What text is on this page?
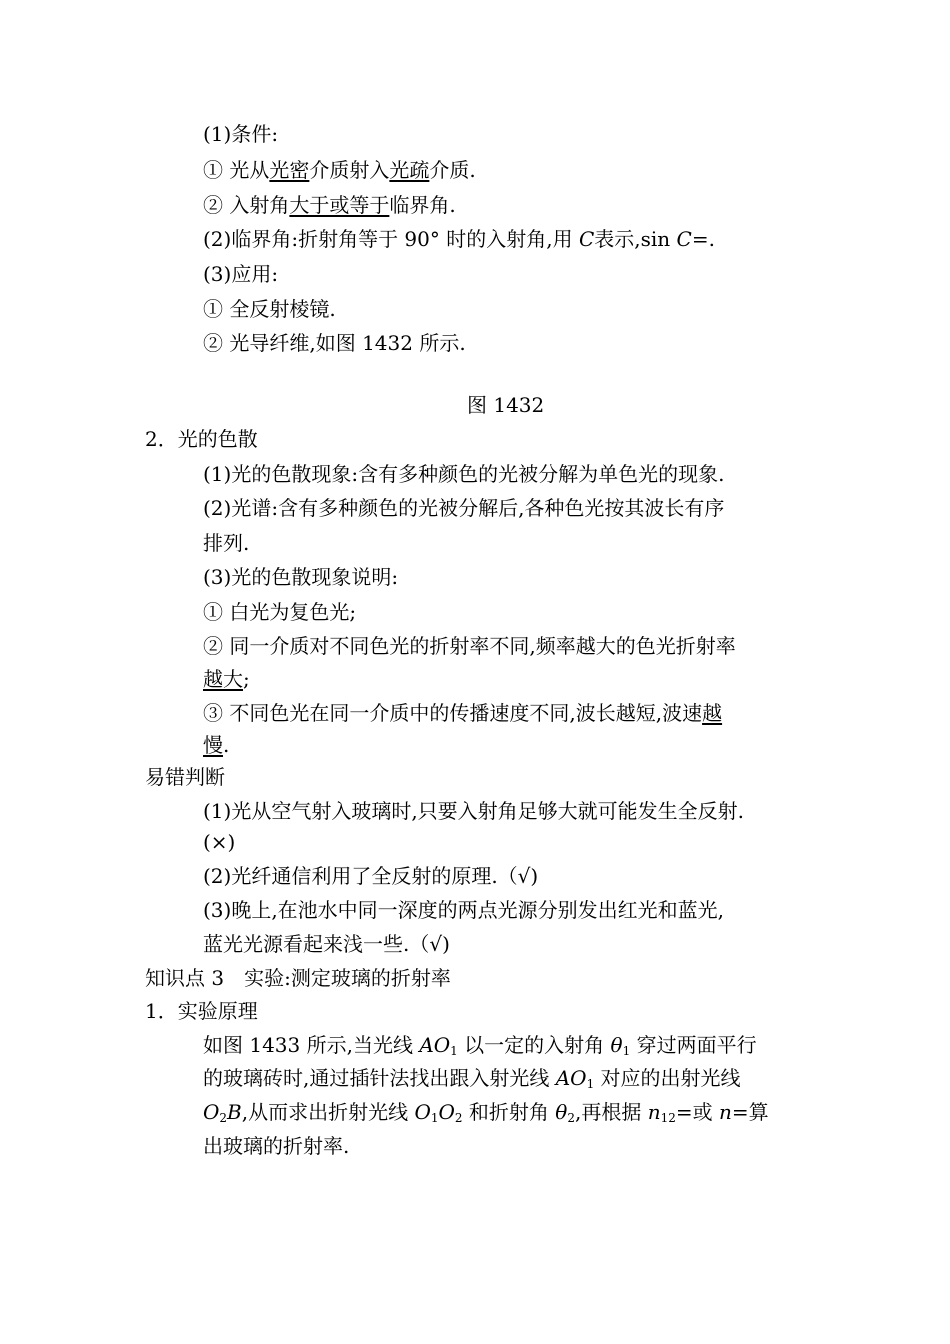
(1)条件:
① 光从光密介质射入光疏介质.
② 入射角大于或等于临界角.
(2)临界角:折射角等于 90° 时的入射角,用 C表示,sin C=.
(3)应用:
① 全反射棱镜.
② 光导纤维,如图 1432 所示.
图 1432
2．光的色散
(1)光的色散现象:含有多种颜色的光被分解为单色光的现象.
(2)光谱:含有多种颜色的光被分解后,各种色光按其波长有序
排列.
(3)光的色散现象说明:
① 白光为复色光;
② 同一介质对不同色光的折射率不同,频率越大的色光折射率
越大;
③ 不同色光在同一介质中的传播速度不同,波长越短,波速越
慢.
易错判断
(1)光从空气射入玻璃时,只要入射角足够大就可能发生全反射.
(×)
(2)光纤通信利用了全反射的原理.（√)
(3)晚上,在池水中同一深度的两点光源分别发出红光和蓝光,
蓝光光源看起来浅一些.（√)
知识点 3　实验:测定玻璃的折射率
1．实验原理
如图 1433 所示,当光线 $AO_1$ 以一定的入射角 $\theta_1$ 穿过两面平行
的玻璃砖时,通过插针法找出跟入射光线 $AO_1$ 对应的出射光线
$O_2B$,从而求出折射光线 $O_1O_2$ 和折射角 $\theta_2$,再根据 $n_{12}=$或 n=算
出玻璃的折射率.
